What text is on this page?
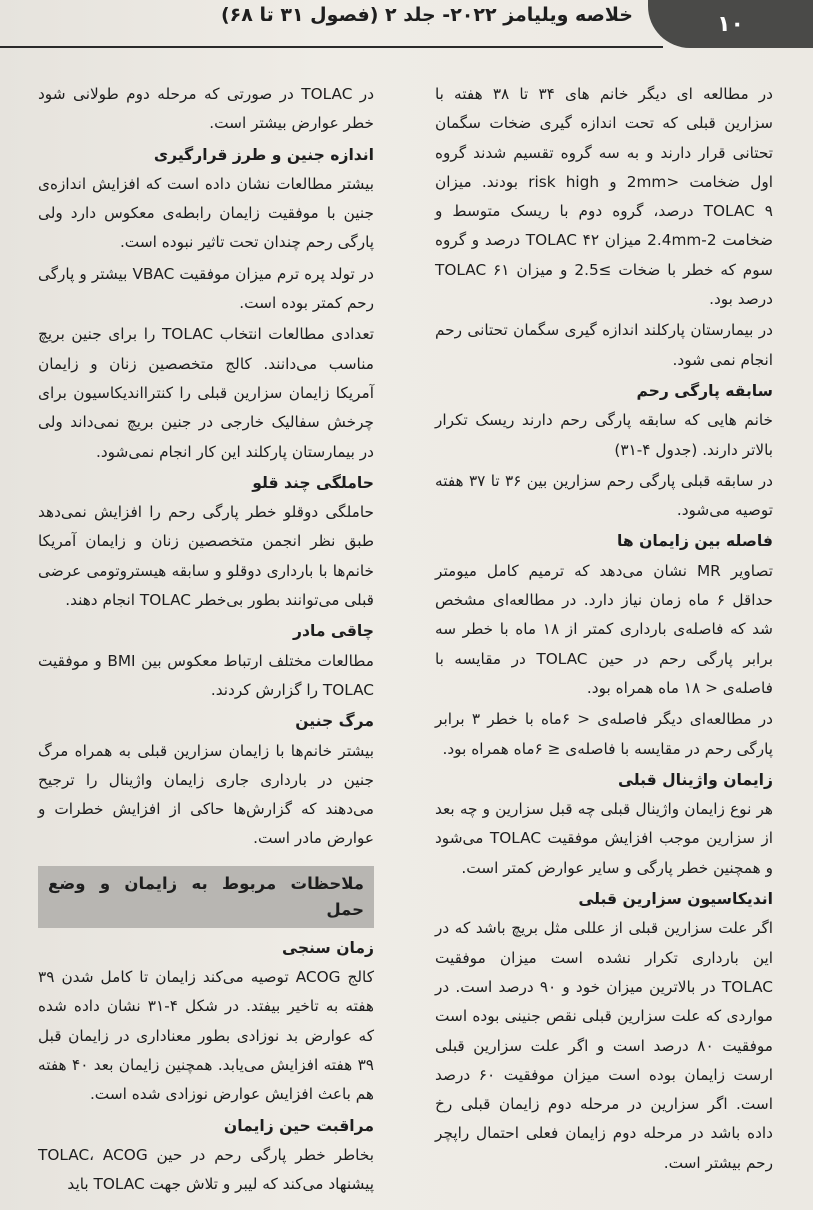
خلاصه ویلیامز ۲۰۲۲- جلد ۲ (فصول ۳۱ تا ۶۸)	۱۰

در مطالعه ای دیگر خانم های ۳۴ تا ۳۸ هفته با سزارین قبلی که تحت اندازه گیری ضخات سگمان تحتانی قرار دارند و به سه گروه تقسیم شدند گروه اول ضخامت <2mm و risk high بودند. میزان TOLAC ۹ درصد، گروه دوم با ریسک متوسط و ضخامت 2-2.4mm میزان TOLAC ۴۲ درصد و گروه سوم که خطر با ضخات ≥2.5 و میزان TOLAC ۶۱ درصد بود.

در بیمارستان پارکلند اندازه گیری سگمان تحتانی رحم انجام نمی شود.

سابقه پارگی رحم

خانم هایی که سابقه پارگی رحم دارند ریسک تکرار بالاتر دارند. (جدول ۴-۳۱)

در سابقه قبلی پارگی رحم سزارین بین ۳۶ تا ۳۷ هفته توصیه می‌شود.

فاصله بین زایمان ها

تصاویر MR نشان می‌دهد که ترمیم کامل میومتر حداقل ۶ ماه زمان نیاز دارد. در مطالعه‌ای مشخص شد که فاصله‌ی بارداری کمتر از ۱۸ ماه با خطر سه برابر پارگی رحم در حین TOLAC در مقایسه با فاصله‌ی < ۱۸ ماه همراه بود.

در مطالعه‌ای دیگر فاصله‌ی < ۶ماه با خطر ۳ برابر پارگی رحم در مقایسه با فاصله‌ی ≤ ۶ماه همراه بود.

زایمان واژینال قبلی

هر نوع زایمان واژینال قبلی چه قبل سزارین و چه بعد از سزارین موجب افزایش موفقیت TOLAC می‌شود و همچنین خطر پارگی و سایر عوارض کمتر است.

اندیکاسیون سزارین قبلی

اگر علت سزارین قبلی از عللی مثل بریچ باشد که در این بارداری تکرار نشده است میزان موفقیت TOLAC در بالاترین میزان خود و ۹۰ درصد است. در مواردی که علت سزارین قبلی نقص جنینی بوده است موفقیت ۸۰ درصد است و اگر علت سزارین قبلی ارست زایمان بوده است میزان موفقیت ۶۰ درصد است. اگر سزارین در مرحله دوم زایمان قبلی رخ داده باشد در مرحله دوم زایمان فعلی احتمال راپچر رحم بیشتر است.

در TOLAC در صورتی که مرحله دوم طولانی شود خطر عوارض بیشتر است.

اندازه جنین و طرز قرارگیری

بیشتر مطالعات نشان داده است که افزایش اندازه‌ی جنین با موفقیت زایمان رابطه‌ی معکوس دارد ولی پارگی رحم چندان تحت تاثیر نبوده است.

در تولد پره ترم میزان موفقیت VBAC بیشتر و پارگی رحم کمتر بوده است.

تعدادی مطالعات انتخاب TOLAC را برای جنین بریچ مناسب می‌دانند. کالج متخصصین زنان و زایمان آمریکا زایمان سزارین قبلی را کنترااندیکاسیون برای چرخش سفالیک خارجی در جنین بریچ نمی‌داند ولی در بیمارستان پارکلند این کار انجام نمی‌شود.

حاملگی چند قلو

حاملگی دوقلو خطر پارگی رحم را افزایش نمی‌دهد طبق نظر انجمن متخصصین زنان و زایمان آمریکا خانم‌ها با بارداری دوقلو و سابقه هیستروتومی عرضی قبلی می‌توانند بطور بی‌خطر TOLAC انجام دهند.

چاقی مادر

مطالعات مختلف ارتباط معکوس بین BMI و موفقیت TOLAC را گزارش کردند.

مرگ جنین

بیشتر خانم‌ها با زایمان سزارین قبلی به همراه مرگ جنین در بارداری جاری زایمان واژینال را ترجیح می‌دهند که گزارش‌ها حاکی از افزایش خطرات و عوارض مادر است.

ملاحظات مربوط به زایمان و وضع حمل
زمان سنجی

کالج ACOG توصیه می‌کند زایمان تا کامل شدن ۳۹ هفته به تاخیر بیفتد. در شکل ۴-۳۱ نشان داده شده که عوارض بد نوزادی بطور معناداری در زایمان قبل ۳۹ هفته افزایش می‌یابد. همچنین زایمان بعد ۴۰ هفته هم باعث افزایش عوارض نوزادی شده است.

مراقبت حین زایمان

بخاطر خطر پارگی رحم در حین TOLAC، ACOG پیشنهاد می‌کند که لیبر و تلاش جهت TOLAC باید
